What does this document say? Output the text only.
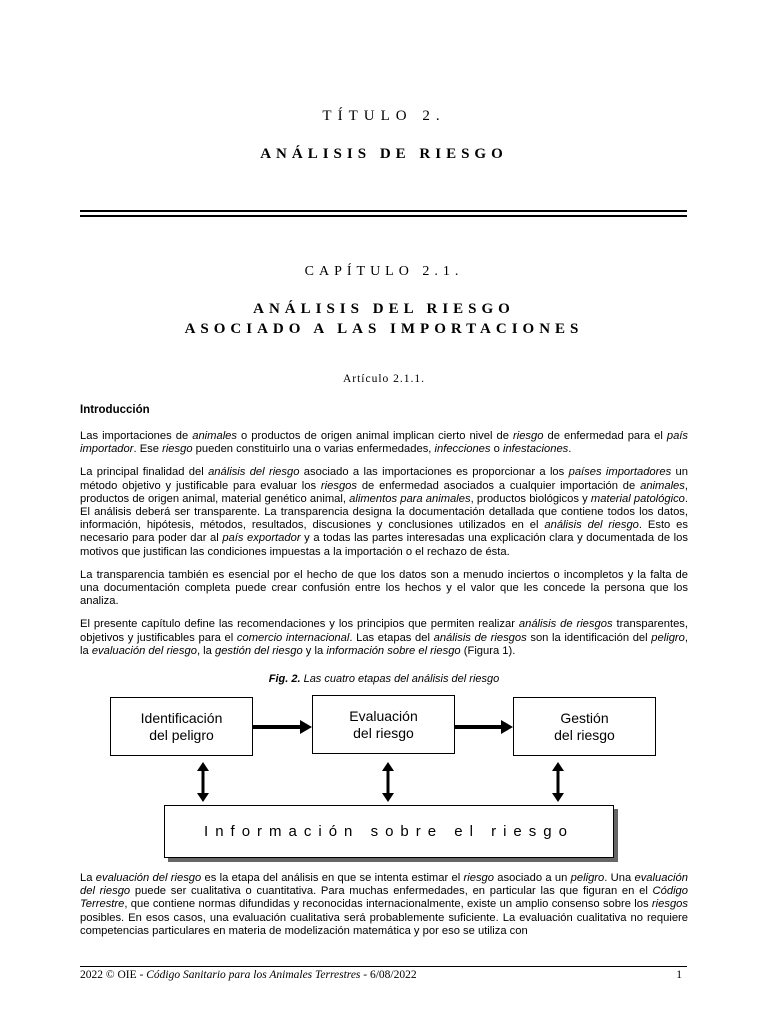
TÍTULO 2.
ANÁLISIS DE RIESGO
CAPÍTULO 2.1.
ANÁLISIS DEL RIESGO
ASOCIADO A LAS IMPORTACIONES
Artículo 2.1.1.
Introducción

Las importaciones de animales o productos de origen animal implican cierto nivel de riesgo de enfermedad para el país importador. Ese riesgo pueden constituirlo una o varias enfermedades, infecciones o infestaciones.

La principal finalidad del análisis del riesgo asociado a las importaciones es proporcionar a los países importadores un método objetivo y justificable para evaluar los riesgos de enfermedad asociados a cualquier importación de animales, productos de origen animal, material genético animal, alimentos para animales, productos biológicos y material patológico. El análisis deberá ser transparente. La transparencia designa la documentación detallada que contiene todos los datos, información, hipótesis, métodos, resultados, discusiones y conclusiones utilizados en el análisis del riesgo. Esto es necesario para poder dar al país exportador y a todas las partes interesadas una explicación clara y documentada de los motivos que justifican las condiciones impuestas a la importación o el rechazo de ésta.

La transparencia también es esencial por el hecho de que los datos son a menudo inciertos o incompletos y la falta de una documentación completa puede crear confusión entre los hechos y el valor que les concede la persona que los analiza.

El presente capítulo define las recomendaciones y los principios que permiten realizar análisis de riesgos transparentes, objetivos y justificables para el comercio internacional. Las etapas del análisis de riesgos son la identificación del peligro, la evaluación del riesgo, la gestión del riesgo y la información sobre el riesgo (Figura 1).

Fig. 2. Las cuatro etapas del análisis del riesgo
Identificación
del peligro
Evaluación
del riesgo
Gestión
del riesgo
Información sobre el riesgo

La evaluación del riesgo es la etapa del análisis en que se intenta estimar el riesgo asociado a un peligro. Una evaluación del riesgo puede ser cualitativa o cuantitativa. Para muchas enfermedades, en particular las que figuran en el Código Terrestre, que contiene normas difundidas y reconocidas internacionalmente, existe un amplio consenso sobre los riesgos posibles. En esos casos, una evaluación cualitativa será probablemente suficiente. La evaluación cualitativa no requiere competencias particulares en materia de modelización matemática y por eso se utiliza con

2022 © OIE - Código Sanitario para los Animales Terrestres - 6/08/2022	1
